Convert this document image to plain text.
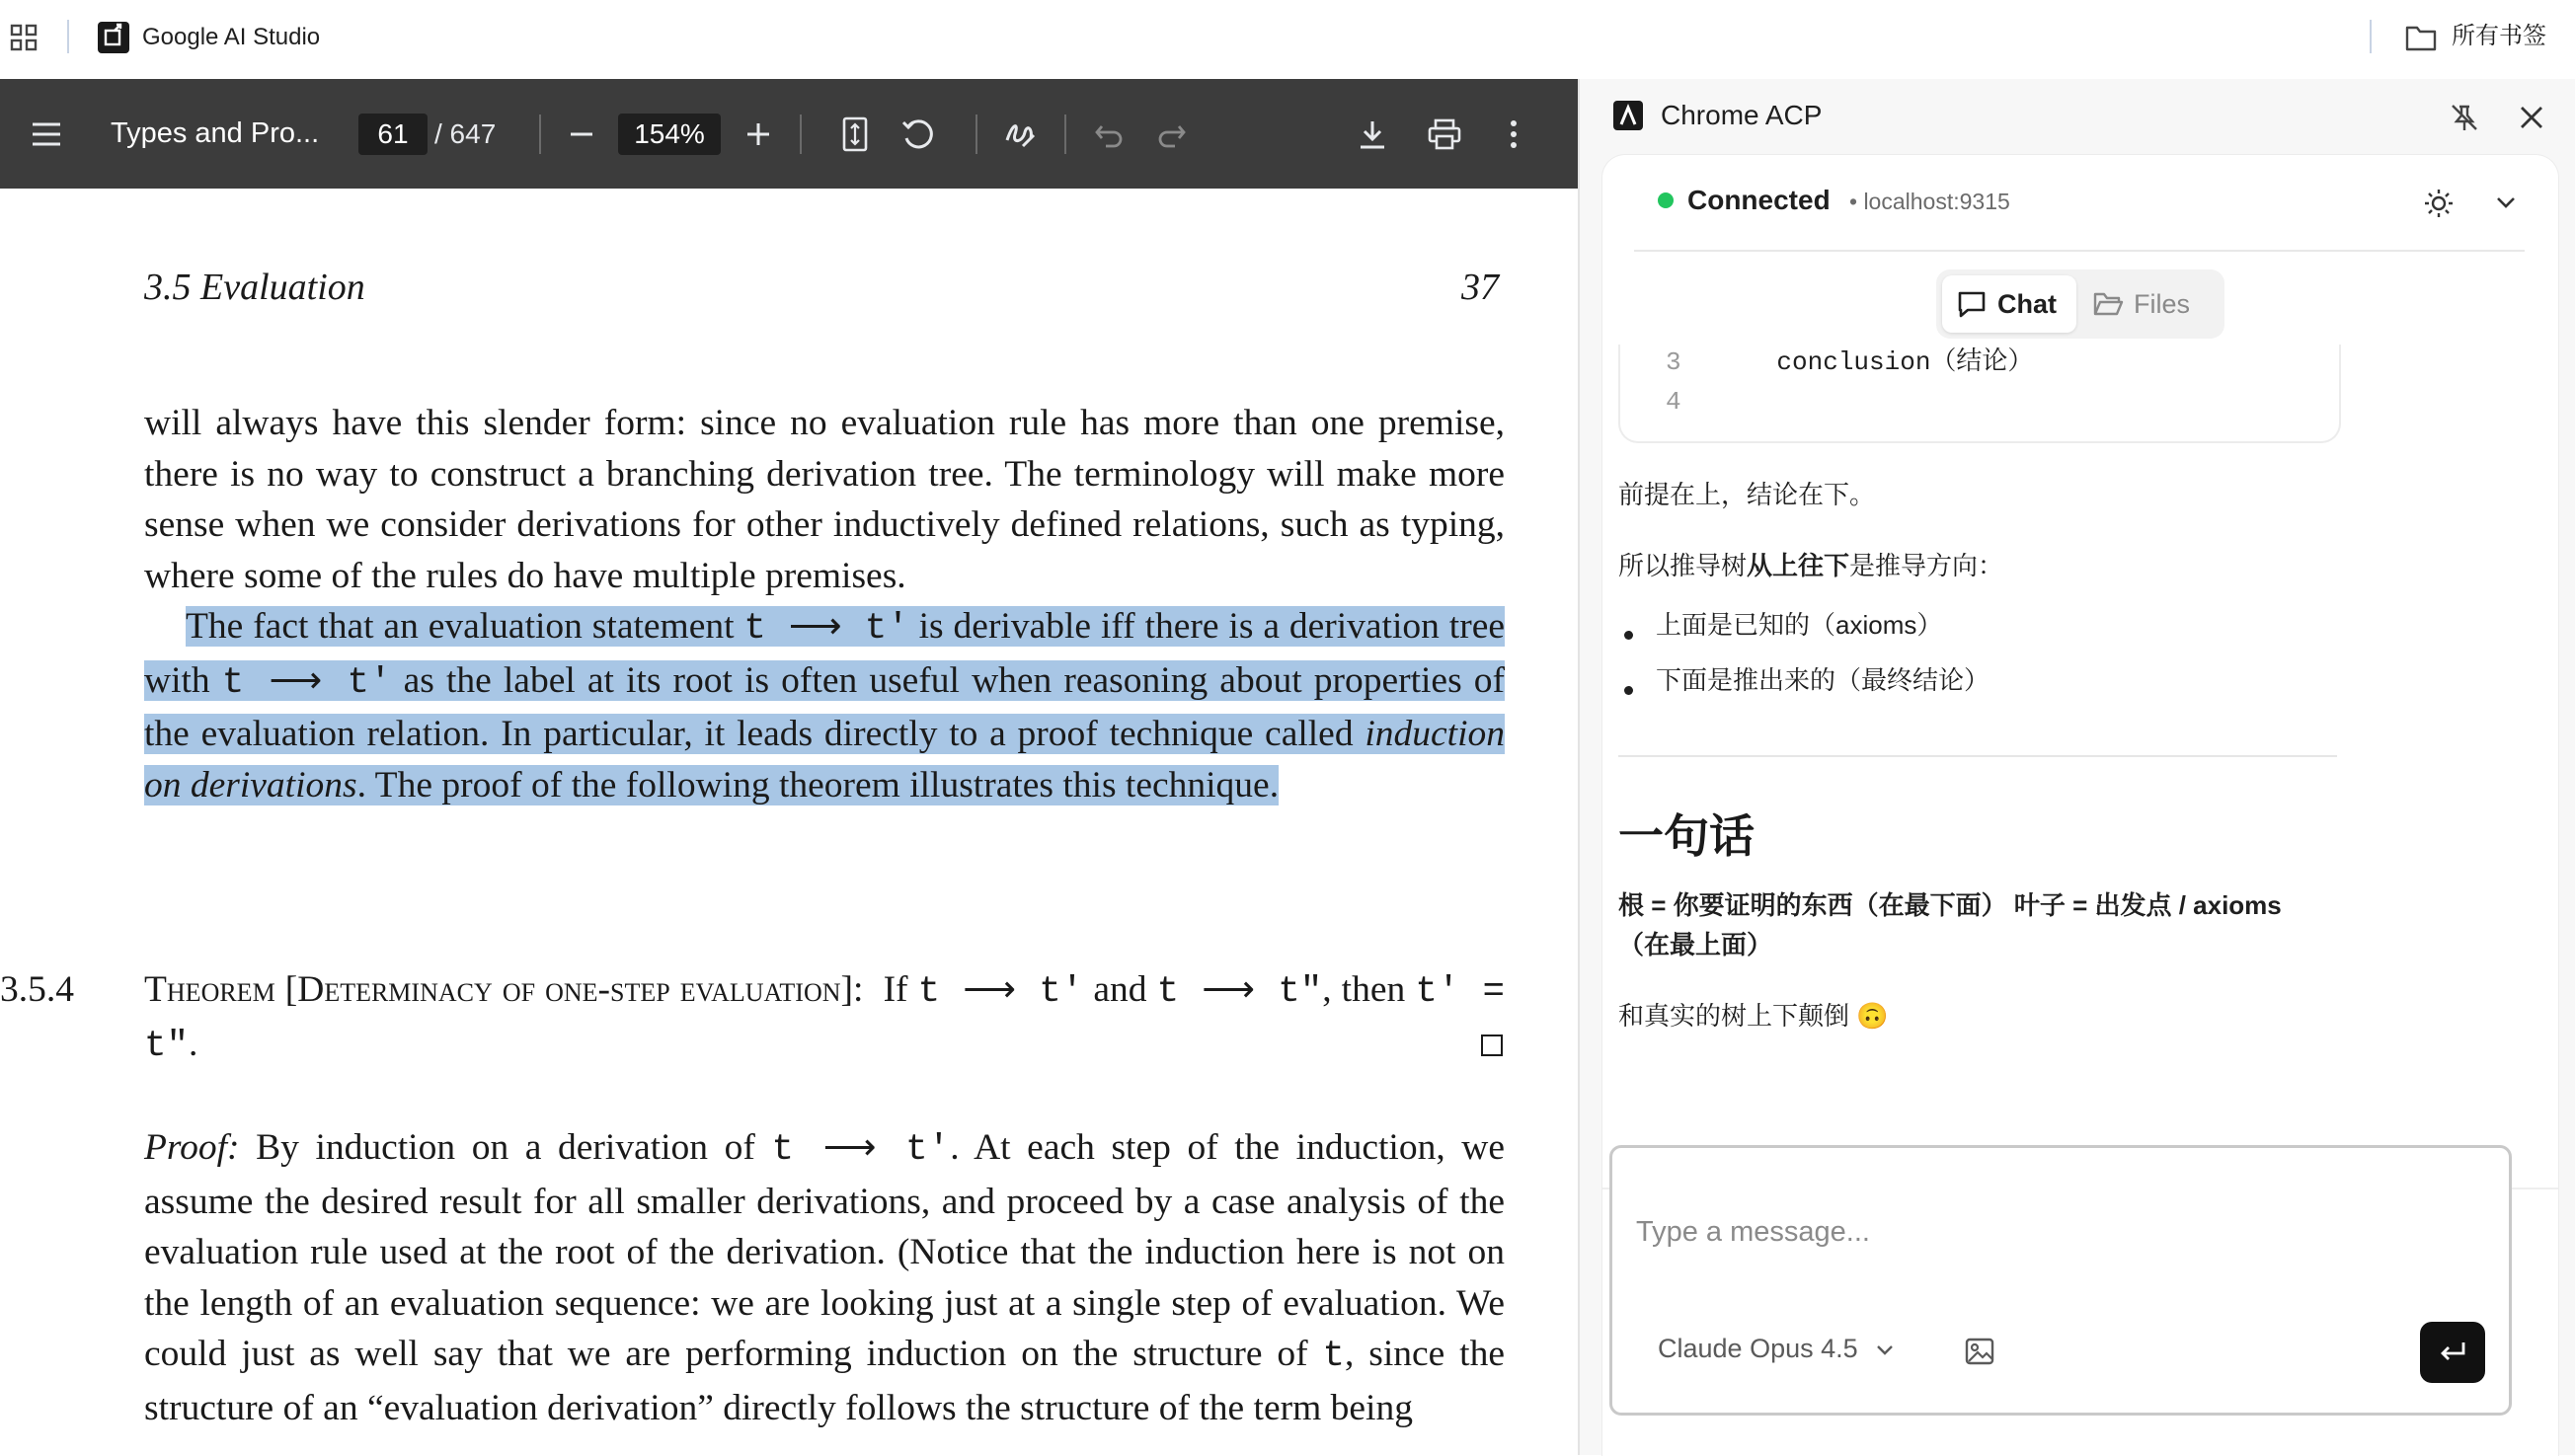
Google AI Studio	所有书签
Types and Pro...	61 / 647	154%
3.5 Evaluation	37
will always have this slender form: since no evaluation rule has more than one premise, there is no way to construct a branching derivation tree. The terminology will make more sense when we consider derivations for other inductively defined relations, such as typing, where some of the rules do have multiple premises.
The fact that an evaluation statement t ⟶ t′ is derivable iff there is a derivation tree with t ⟶ t′ as the label at its root is often useful when reasoning about properties of the evaluation relation. In particular, it leads directly to a proof technique called induction on derivations. The proof of the following theorem illustrates this technique.
3.5.4 Theorem [Determinacy of one-step evaluation]: If t ⟶ t′ and t ⟶ t″, then t′ = t″.
Proof: By induction on a derivation of t ⟶ t′. At each step of the induction, we assume the desired result for all smaller derivations, and proceed by a case analysis of the evaluation rule used at the root of the derivation. (Notice that the induction here is not on the length of an evaluation sequence: we are looking just at a single step of evaluation. We could just as well say that we are performing induction on the structure of t, since the structure of an “evaluation derivation” directly follows the structure of the term being
Chrome ACP
Connected • localhost:9315
Chat	Files
3 conclusion（结论）
4
前提在上，结论在下。
所以推导树从上往下是推导方向：
上面是已知的（axioms）
下面是推出来的（最终结论）
一句话
根 = 你要证明的东西（在最下面） 叶子 = 出发点 / axioms
（在最上面）
和真实的树上下颠倒 🙃
Type a message...
Claude Opus 4.5
